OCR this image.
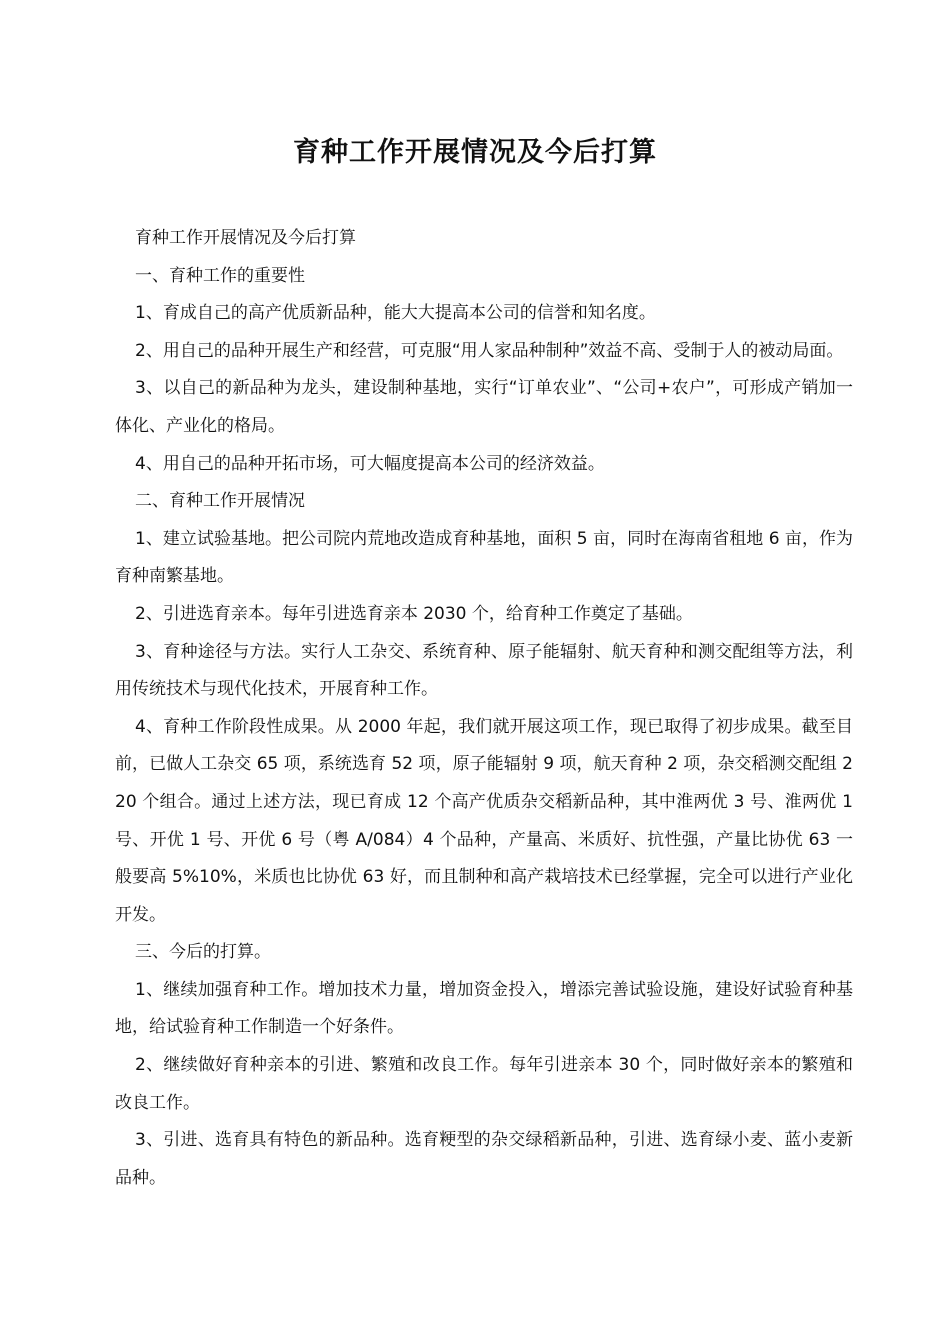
育种工作开展情况及今后打算

育种工作开展情况及今后打算

一、育种工作的重要性

1、育成自己的高产优质新品种，能大大提高本公司的信誉和知名度。

2、用自己的品种开展生产和经营，可克服“用人家品种制种”效益不高、受制于人的被动局面。

3、以自己的新品种为龙头，建设制种基地，实行“订单农业”、“公司+农户”，可形成产销加一体化、产业化的格局。

4、用自己的品种开拓市场，可大幅度提高本公司的经济效益。

二、育种工作开展情况

1、建立试验基地。把公司院内荒地改造成育种基地，面积 5 亩，同时在海南省租地 6 亩，作为育种南繁基地。

2、引进选育亲本。每年引进选育亲本 2030 个，给育种工作奠定了基础。

3、育种途径与方法。实行人工杂交、系统育种、原子能辐射、航天育种和测交配组等方法，利用传统技术与现代化技术，开展育种工作。

4、育种工作阶段性成果。从 2000 年起，我们就开展这项工作，现已取得了初步成果。截至目前，已做人工杂交 65 项，系统选育 52 项，原子能辐射 9 项，航天育种 2 项，杂交稻测交配组 220 个组合。通过上述方法，现已育成 12 个高产优质杂交稻新品种，其中淮两优 3 号、淮两优 1 号、开优 1 号、开优 6 号（粤 A/084）4 个品种，产量高、米质好、抗性强，产量比协优 63 一般要高 5%10%，米质也比协优 63 好，而且制种和高产栽培技术已经掌握，完全可以进行产业化开发。

三、今后的打算。

1、继续加强育种工作。增加技术力量，增加资金投入，增添完善试验设施，建设好试验育种基地，给试验育种工作制造一个好条件。

2、继续做好育种亲本的引进、繁殖和改良工作。每年引进亲本 30 个，同时做好亲本的繁殖和改良工作。

3、引进、选育具有特色的新品种。选育粳型的杂交绿稻新品种，引进、选育绿小麦、蓝小麦新品种。
